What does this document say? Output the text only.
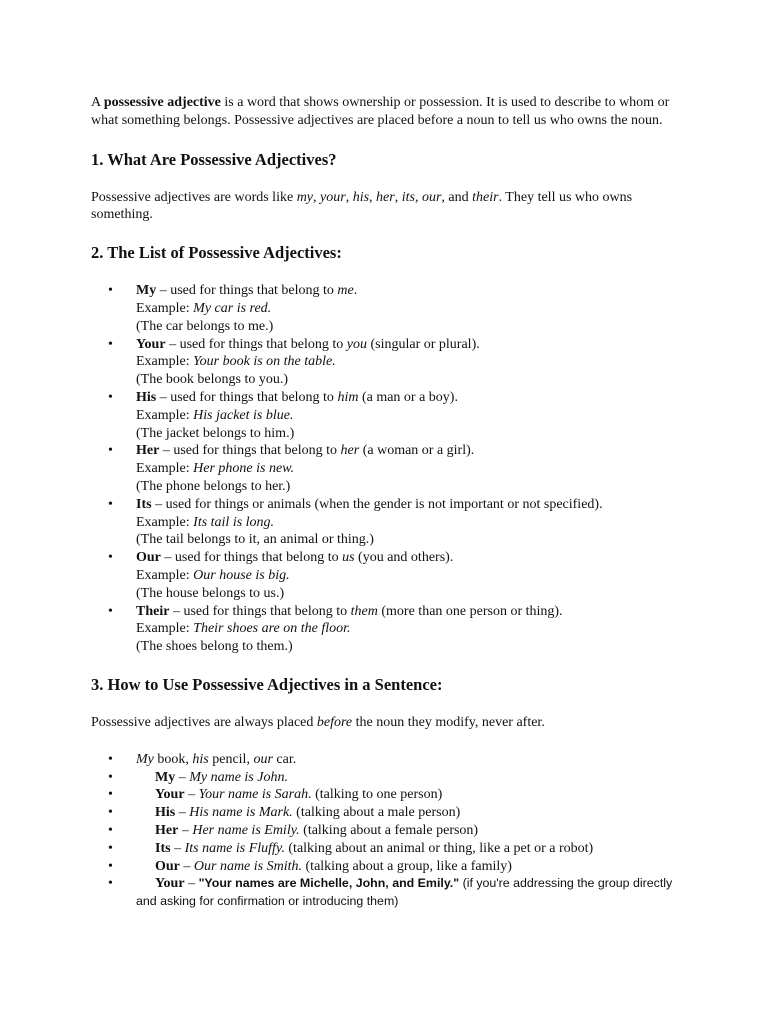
A possessive adjective is a word that shows ownership or possession. It is used to describe to whom or what something belongs. Possessive adjectives are placed before a noun to tell us who owns the noun.

1. What Are Possessive Adjectives?

Possessive adjectives are words like my, your, his, her, its, our, and their. They tell us who owns something.

2. The List of Possessive Adjectives:
• My – used for things that belong to me.
Example: My car is red.
(The car belongs to me.)
• Your – used for things that belong to you (singular or plural).
Example: Your book is on the table.
(The book belongs to you.)
• His – used for things that belong to him (a man or a boy).
Example: His jacket is blue.
(The jacket belongs to him.)
• Her – used for things that belong to her (a woman or a girl).
Example: Her phone is new.
(The phone belongs to her.)
• Its – used for things or animals (when the gender is not important or not specified).
Example: Its tail is long.
(The tail belongs to it, an animal or thing.)
• Our – used for things that belong to us (you and others).
Example: Our house is big.
(The house belongs to us.)
• Their – used for things that belong to them (more than one person or thing).
Example: Their shoes are on the floor.
(The shoes belong to them.)
3. How to Use Possessive Adjectives in a Sentence:

Possessive adjectives are always placed before the noun they modify, never after.

• My book, his pencil, our car.
• My – My name is John.
• Your – Your name is Sarah. (talking to one person)
• His – His name is Mark. (talking about a male person)
• Her – Her name is Emily. (talking about a female person)
• Its – Its name is Fluffy. (talking about an animal or thing, like a pet or a robot)
• Our – Our name is Smith. (talking about a group, like a family)
• Your – "Your names are Michelle, John, and Emily." (if you're addressing the group directly and asking for confirmation or introducing them)
